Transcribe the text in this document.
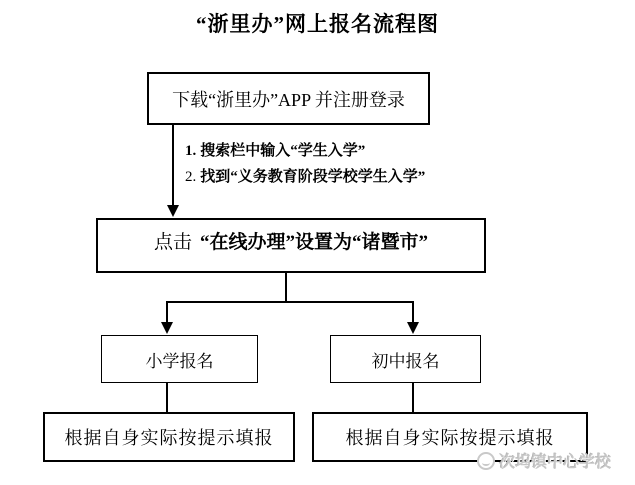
“浙里办”网上报名流程图
下载“浙里办”APP 并注册登录
1. 搜索栏中输入“学生入学”
2. 找到“义务教育阶段学校学生入学”
点击 “在线办理”设置为“诸暨市”
小学报名	初中报名
根据自身实际按提示填报	根据自身实际按提示填报
次坞镇中心学校
